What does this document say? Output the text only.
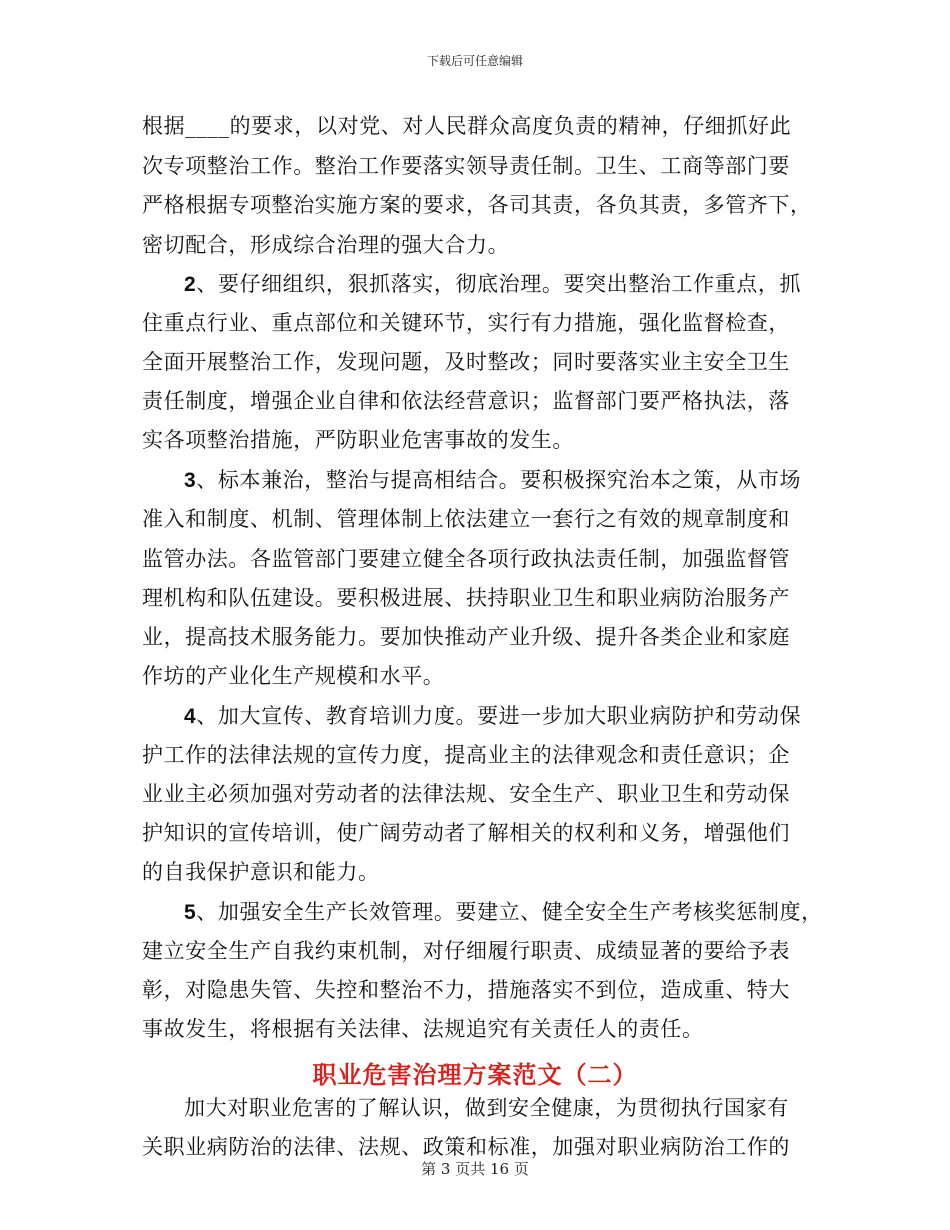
下载后可任意编辑
根据____的要求，以对党、对人民群众高度负责的精神，仔细抓好此
次专项整治工作。整治工作要落实领导责任制。卫生、工商等部门要
严格根据专项整治实施方案的要求，各司其责，各负其责，多管齐下，
密切配合，形成综合治理的强大合力。
2、要仔细组织，狠抓落实，彻底治理。要突出整治工作重点，抓
住重点行业、重点部位和关键环节，实行有力措施，强化监督检查，
全面开展整治工作，发现问题，及时整改；同时要落实业主安全卫生
责任制度，增强企业自律和依法经营意识；监督部门要严格执法，落
实各项整治措施，严防职业危害事故的发生。
3、标本兼治，整治与提高相结合。要积极探究治本之策，从市场
准入和制度、机制、管理体制上依法建立一套行之有效的规章制度和
监管办法。各监管部门要建立健全各项行政执法责任制，加强监督管
理机构和队伍建设。要积极进展、扶持职业卫生和职业病防治服务产
业，提高技术服务能力。要加快推动产业升级、提升各类企业和家庭
作坊的产业化生产规模和水平。
4、加大宣传、教育培训力度。要进一步加大职业病防护和劳动保
护工作的法律法规的宣传力度，提高业主的法律观念和责任意识；企
业业主必须加强对劳动者的法律法规、安全生产、职业卫生和劳动保
护知识的宣传培训，使广阔劳动者了解相关的权利和义务，增强他们
的自我保护意识和能力。
5、加强安全生产长效管理。要建立、健全安全生产考核奖惩制度，
建立安全生产自我约束机制，对仔细履行职责、成绩显著的要给予表
彰，对隐患失管、失控和整治不力，措施落实不到位，造成重、特大
事故发生，将根据有关法律、法规追究有关责任人的责任。
职业危害治理方案范文（二）
加大对职业危害的了解认识，做到安全健康，为贯彻执行国家有
关职业病防治的法律、法规、政策和标准，加强对职业病防治工作的
第 3 页共 16 页
